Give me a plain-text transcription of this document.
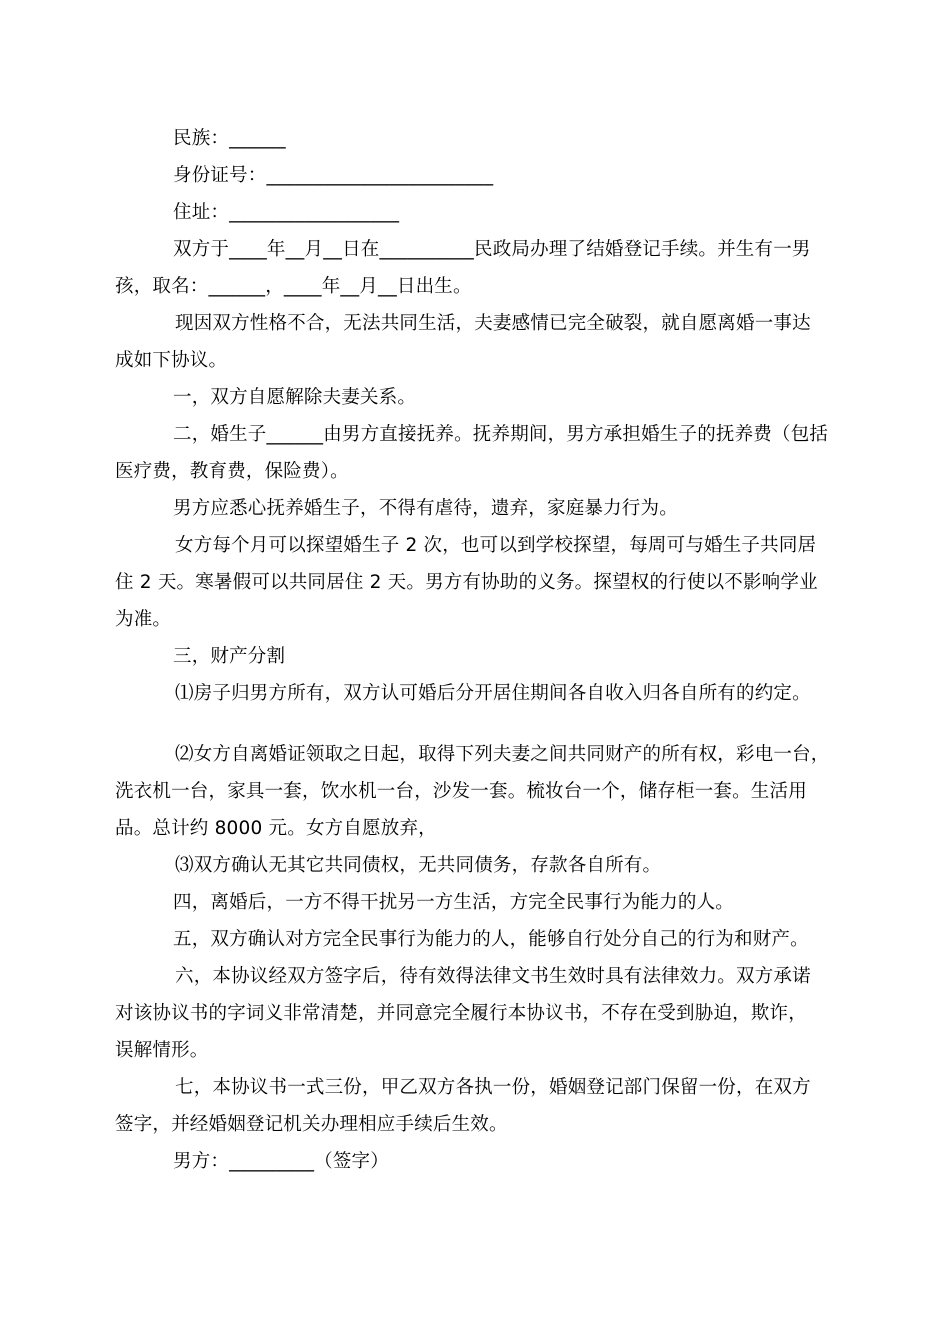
民族：______
身份证号：________________________
住址：__________________
双方于____年__月__日在__________民政局办理了结婚登记手续。并生有一男
孩，取名：______，____年__月__日出生。
现因双方性格不合，无法共同生活，夫妻感情已完全破裂，就自愿离婚一事达
成如下协议。
一，双方自愿解除夫妻关系。
二，婚生子______由男方直接抚养。抚养期间，男方承担婚生子的抚养费（包括
医疗费，教育费，保险费）。
男方应悉心抚养婚生子，不得有虐待，遗弃，家庭暴力行为。
女方每个月可以探望婚生子 2 次，也可以到学校探望，每周可与婚生子共同居
住 2 天。寒暑假可以共同居住 2 天。男方有协助的义务。探望权的行使以不影响学业
为准。
三，财产分割
⑴房子归男方所有，双方认可婚后分开居住期间各自收入归各自所有的约定。
⑵女方自离婚证领取之日起，取得下列夫妻之间共同财产的所有权，彩电一台，
洗衣机一台，家具一套，饮水机一台，沙发一套。梳妆台一个，储存柜一套。生活用
品。总计约 8000 元。女方自愿放弃，
⑶双方确认无其它共同债权，无共同债务，存款各自所有。
四，离婚后，一方不得干扰另一方生活，方完全民事行为能力的人。
五，双方确认对方完全民事行为能力的人，能够自行处分自己的行为和财产。
六，本协议经双方签字后，待有效得法律文书生效时具有法律效力。双方承诺
对该协议书的字词义非常清楚，并同意完全履行本协议书，不存在受到胁迫，欺诈，
误解情形。
七，本协议书一式三份，甲乙双方各执一份，婚姻登记部门保留一份，在双方
签字，并经婚姻登记机关办理相应手续后生效。
男方：_________（签字）
